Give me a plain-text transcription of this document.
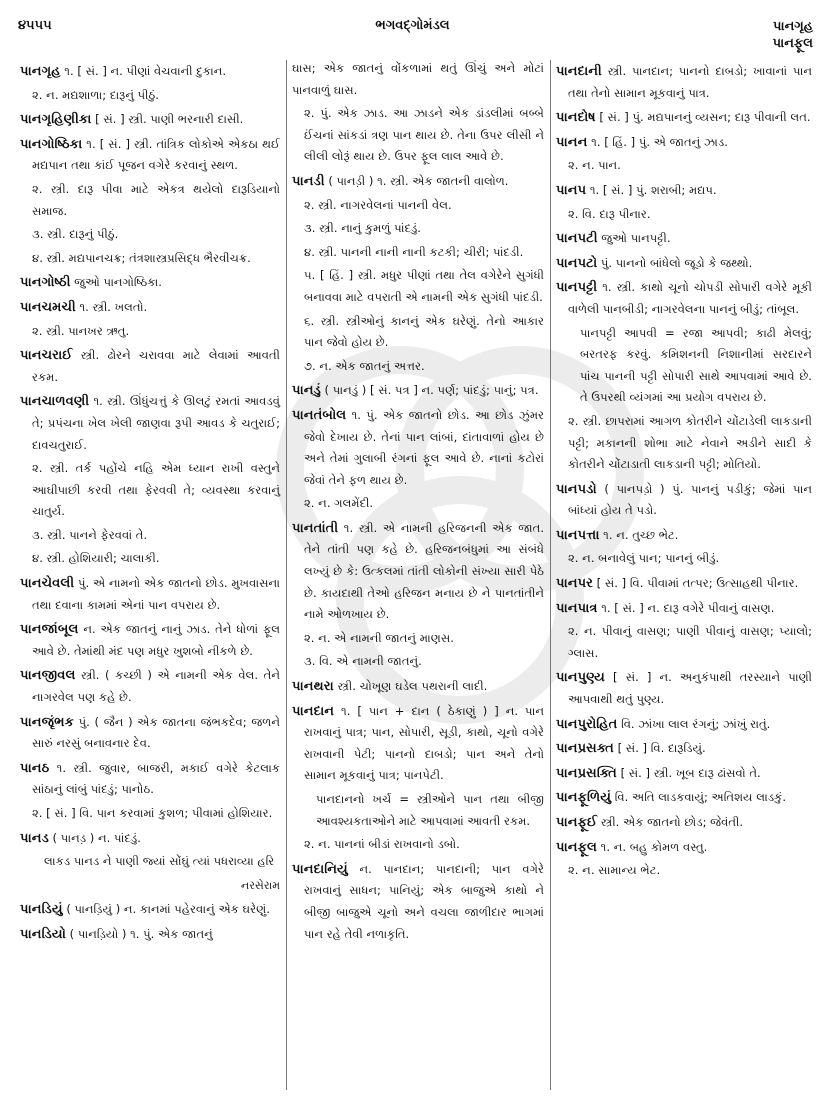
૪૫૫૫	ભગવદ્ગોમંડલ	પાનગૃહ
પાનફૂલ
પાનગૃહ ૧. [ સં. ] ન. પીણાં વેચવાની દુકાન.
૨. ન. મદ્યશાળા; દારૂનું પીઠું.
પાનગૃહિણીકા [ સં. ] સ્ત્રી. પાણી ભરનારી દાસી.
પાનગોષ્ઠિકા ૧. [ સં. ] સ્ત્રી. તાંત્રિક લોકોએ એકઠા થઈ મદ્યપાન તથા કાંઈ પૂજન વગેરે કરવાનું સ્થળ.
૨. સ્ત્રી. દારૂ પીવા માટે એકત્ર થયેલો દારૂડિયાનો સમાજ.
૩. સ્ત્રી. દારૂનું પીઠું.
૪. સ્ત્રી. મદ્યપાનચક્ર; તંત્રશાસ્ત્રપ્રસિદ્ધ ભૈરવીચક્ર.
પાનગોષ્ઠી જુઓ પાનગોષ્ઠિકા.
પાનચમચી ૧. સ્ત્રી. ખલતો.
૨. સ્ત્રી. પાનખર ઋતુ.
પાનચરાઈ સ્ત્રી. ઢોરને ચરાવવા માટે લેવામાં આવતી રકમ.
પાનચાળવણી ૧. સ્ત્રી. ઊંધુંચત્તું કે ઊલટું રમતાં આવડવું તે; પ્રપંચના ખેલ ખેલી જાણવા રૂપી આવડ કે ચતુરાઈ; દાવચતુરાઈ.
૨. સ્ત્રી. તર્ક પહોંચે નહિ એમ ધ્યાન રાખી વસ્તુને આઘીપાછી કરવી તથા ફેરવવી તે; વ્યવસ્થા કરવાનું ચાતુર્ય.
૩. સ્ત્રી. પાનને ફેરવવાં તે.
૪. સ્ત્રી. હોશિયારી; ચાલાકી.
પાનચેવલી પું. એ નામનો એક જાતનો છોડ. મુખવાસના તથા દવાના કામમાં એનાં પાન વપરાય છે.
પાનજાંબૂલ ન. એક જાતનું નાનું ઝાડ. તેને ધોળાં ફૂલ આવે છે. તેમાંથી મંદ પણ મધુર ખુશબો નીકળે છે.
પાનજીવલ સ્ત્રી. ( કચ્છી ) એ નામની એક વેલ. તેને નાગરવેલ પણ કહે છે.
પાનજૃંભક પું. ( જૈન ) એક જાતના જંભકદેવ; જળને સારું નરસું બનાવનાર દેવ.
પાનઠ ૧. સ્ત્રી. જુવાર, બાજરી, મકાઈ વગેરે કેટલાક સાંઠાનું લાંબું પાંદડું; પાનોઠ.
૨. [ સં. ] વિ. પાન કરવામાં કુશળ; પીવામાં હોશિયાર.
પાનડ ( પાનડ઼ ) ન. પાંદડું.
લાકડ પાનડ ને પાણી જ્યાં સોંઘું ત્યાં પધરાવ્યા હરિ
નરસેરામ
પાનડિયું ( પાનડ઼િયું ) ન. કાનમાં પહેરવાનું એક ઘરેણું.
પાનડિયો ( પાનડ઼િયો ) ૧. પું. એક જાતનું
ઘાસ; એક જાતનું વોંકળામાં થતું ઊંચું અને મોટાં પાનવાળું ઘાસ.
૨. પું. એક ઝાડ. આ ઝાડને એક ડાંડલીમાં બબ્બે ઈંચનાં સાંકડાં ત્રણ પાન થાય છે. તેના ઉપર લીસી ને લીલી લોરૂં થાય છે. ઉપર ફૂલ લાલ આવે છે.
પાનડી ( પાનડ઼ી ) ૧. સ્ત્રી. એક જાતની વાલોળ.
૨. સ્ત્રી. નાગરવેલનાં પાનની વેલ.
૩. સ્ત્રી. નાનું કુમળું પાંદડું.
૪. સ્ત્રી. પાનની નાની નાની કટકી; ચીરી; પાંદડી.
૫. [ હિં. ] સ્ત્રી. મધુર પીણાં તથા તેલ વગેરેને સુગંધી બનાવવા માટે વપરાતી એ નામની એક સુગંધી પાંદડી.
૬. સ્ત્રી. સ્ત્રીઓનું કાનનું એક ઘરેણું. તેનો આકાર પાન જેવો હોય છે.
૭. ન. એક જાતનું અત્તર.
પાનડું ( પાનડ઼ું ) [ સં. પત્ર ] ન. પર્ણ; પાંદડું; પાનું; પત્ર.
પાનતંબોલ ૧. પું. એક જાતનો છોડ. આ છોડ ઝુંમર જેવો દેખાય છે. તેનાં પાન લાંબાં, દાંતાવાળાં હોય છે અને તેમાં ગુલાબી રંગનાં ફૂલ આવે છે. નાનાં કટોરાં જેવાં તેને ફળ થાય છે.
૨. ન. ગલમેંદી.
પાનતાંતી ૧. સ્ત્રી. એ નામની હરિજનની એક જાત. તેને તાંતી પણ કહે છે. હરિજનબંધુમાં આ સંબંધે લખ્યું છે કે: ઉત્કલમાં તાંતી લોકોની સંખ્યા સારી પેઠે છે. કાયદાથી તેઓ હરિજન મનાય છે ને પાનતાંતીને નામે ઓળખાય છે.
૨. ન. એ નામની જાતનું માણસ.
૩. વિ. એ નામની જાતનું.
પાનથરા સ્ત્રી. ચોખૂણ ઘડેલ પથરાની લાદી.
પાનદાન ૧. [ પાન + દાન ( ઠેકાણું ) ] ન. પાન રાખવાનું પાત્ર; પાન, સોપારી, સૂડી, કાથો, ચૂનો વગેરે રાખવાની પેટી; પાનનો દાબડો; પાન અને તેનો સામાન મૂકવાનું પાત્ર; પાનપેટી.
પાનદાનનો ખર્ચ = સ્ત્રીઓને પાન તથા બીજી આવશ્યકતાઓને માટે આપવામાં આવતી રકમ.
૨. ન. પાનનાં બીડાં રાખવાનો ડબો.
પાનદાનિયું ન. પાનદાન; પાનદાની; પાન વગેરે રાખવાનું સાધન; પાનિયું; એક બાજુએ કાથો ને બીજી બાજુએ ચૂનો અને વચલા જાળીદાર ભાગમાં પાન રહે તેવી નળાકૃતિ.
પાનદાની સ્ત્રી. પાનદાન; પાનનો દાબડો; ખાવાનાં પાન તથા તેનો સામાન મૂકવાનું પાત્ર.
પાનદોષ [ સં. ] પું. મદ્યપાનનું વ્યસન; દારૂ પીવાની લત.
પાનન ૧. [ હિં. ] પું. એ જાતનું ઝાડ.
૨. ન. પાન.
પાનપ ૧. [ સં. ] પું. શરાબી; મદ્યપ.
૨. વિ. દારૂ પીનાર.
પાનપટી જુઓ પાનપટ્ટી.
પાનપટો પું. પાનનો બાંધેલો જૂડો કે જથ્થો.
પાનપટ્ટી ૧. સ્ત્રી. કાથો ચૂનો ચોપડી સોપારી વગેરે મૂકી વાળેલી પાનબીડી; નાગરવેલના પાનનું બીડું; તાંબૂલ.
પાનપટ્ટી આપવી = રજા આપવી; કાઢી મેલવું; બરતરફ કરવું. કમિશનની નિશાનીમાં સરદારને પાંચ પાનની પટ્ટી સોપારી સાથે આપવામાં આવે છે. તે ઉપરથી વ્યંગમાં આ પ્રયોગ વપરાય છે.
૨. સ્ત્રી. છાપરામાં આગળ કોતરીને ચોંટાડેલી લાકડાની પટ્ટી; મકાનની શોભા માટે નેવાને અડીને સાદી કે કોતરીને ચોંટાડાતી લાકડાની પટ્ટી; મોતિયો.
પાનપડો ( પાનપડ઼ો ) પું. પાનનું પડીકું; જેમાં પાન બાંધ્યાં હોય તે પડો.
પાનપત્તા ૧. ન. તુચ્છ ભેટ.
૨. ન. બનાવેલું પાન; પાનનું બીડું.
પાનપર [ સં. ] વિ. પીવામાં તત્પર; ઉત્સાહથી પીનાર.
પાનપાત્ર ૧. [ સં. ] ન. દારૂ વગેરે પીવાનું વાસણ.
૨. ન. પીવાનું વાસણ; પાણી પીવાનું વાસણ; પ્યાલો; ગ્લાસ.
પાનપુણ્ય [ સં. ] ન. અનુકંપાથી તરસ્યાને પાણી આપવાથી થતું પુણ્ય.
પાનપુરોહિત વિ. ઝાંખા લાલ રંગનું; ઝાંખું રાતું.
પાનપ્રસક્ત [ સં. ] વિ. દારૂડિયું.
પાનપ્રસક્તિ [ સં. ] સ્ત્રી. ખૂબ દારૂ ઢાંસવો તે.
પાનફૂળિયું વિ. અતિ લાડકવાયું; અતિશય લાડકું.
પાનફૂઈ સ્ત્રી. એક જાતનો છોડ; જેવંતી.
પાનફૂલ ૧. ન. બહુ કોમળ વસ્તુ.
૨. ન. સામાન્ય ભેટ.
